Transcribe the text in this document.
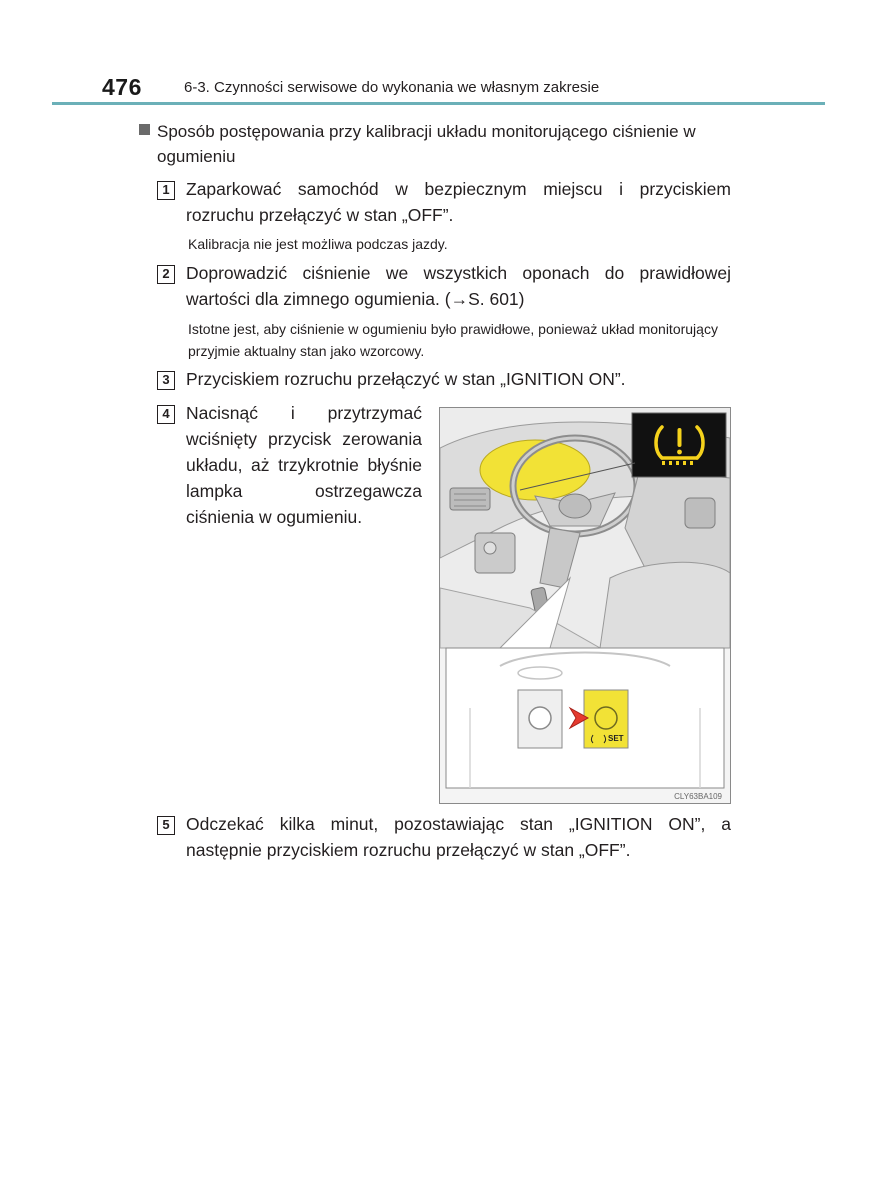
476	6-3. Czynności serwisowe do wykonania we własnym zakresie
Sposób postępowania przy kalibracji układu monitorującego ciśnienie w ogumieniu
1 Zaparkować samochód w bezpiecznym miejscu i przyciskiem rozruchu przełączyć w stan „OFF”.
Kalibracja nie jest możliwa podczas jazdy.
2 Doprowadzić ciśnienie we wszystkich oponach do prawidłowej wartości dla zimnego ogumienia. (→S. 601)
Istotne jest, aby ciśnienie w ogumieniu było prawidłowe, ponieważ układ monitorujący przyjmie aktualny stan jako wzorcowy.
3 Przyciskiem rozruchu przełączyć w stan „IGNITION ON”.
4 Nacisnąć i przytrzymać wciśnięty przycisk zerowania układu, aż trzykrotnie błyśnie lampka ostrzegawcza ciśnienia w ogumieniu.
SET
CLY63BA109
5 Odczekać kilka minut, pozostawiając stan „IGNITION ON”, a następnie przyciskiem rozruchu przełączyć w stan „OFF”.
